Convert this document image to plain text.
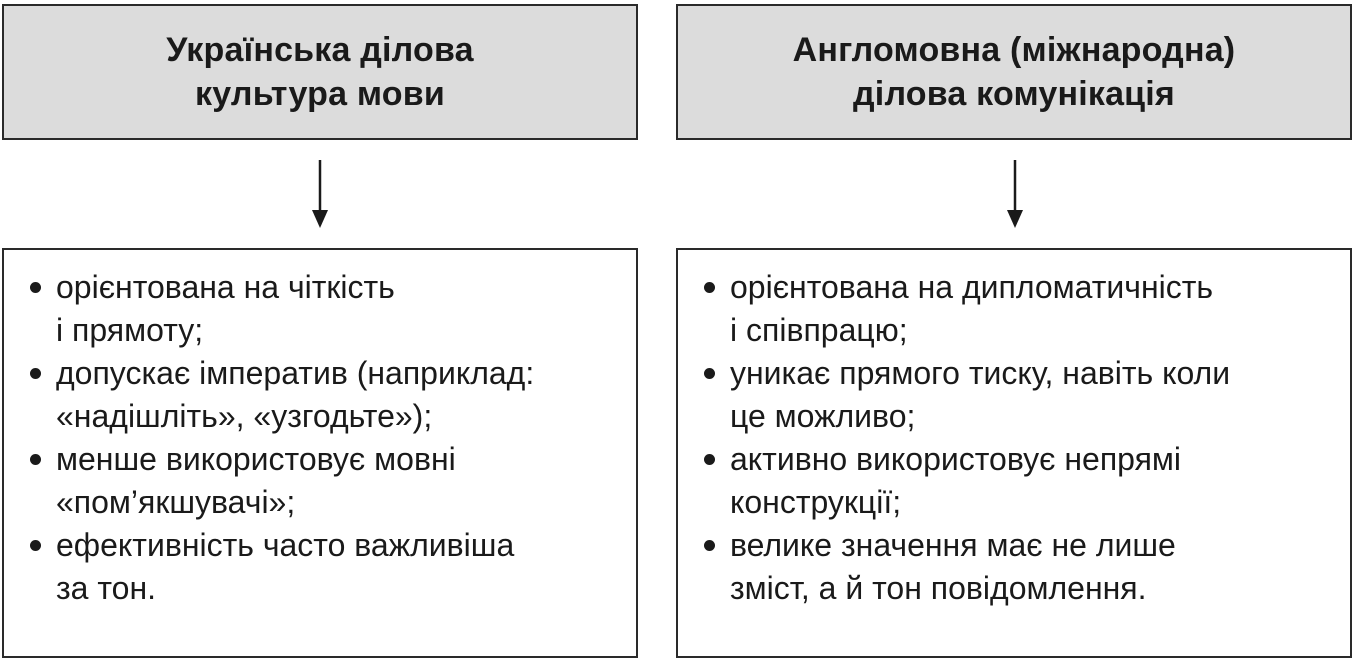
Українська ділова
культура мови
орієнтована на чіткість
і прямоту;
допускає імператив (наприклад:
«надішліть», «узгодьте»);
менше використовує мовні
«пом’якшувачі»;
ефективність часто важливіша
за тон.
Англомовна (міжнародна)
ділова комунікація
орієнтована на дипломатичність
і співпрацю;
уникає прямого тиску, навіть коли
це можливо;
активно використовує непрямі
конструкції;
велике значення має не лише
зміст, а й тон повідомлення.
